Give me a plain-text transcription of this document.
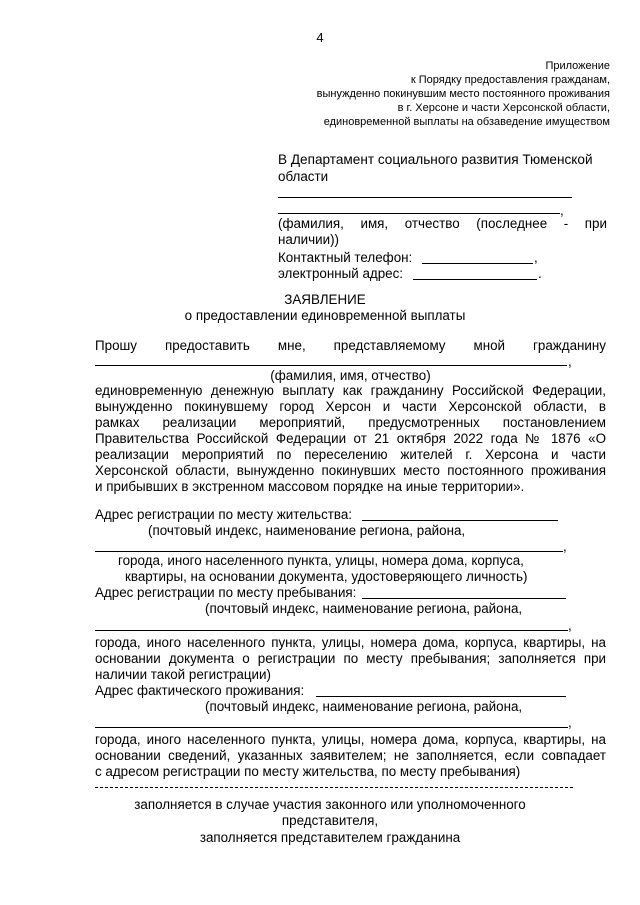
4
Приложение
к Порядку предоставления гражданам,
вынужденно покинувшим место постоянного проживания
в г. Херсоне и части Херсонской области,
единовременной выплаты на обзаведение имуществом
В Департамент социального развития Тюменской
области
,
(фамилия, имя, отчество (последнее - при
наличии))
Контактный телефон:	,
электронный адрес:	.
ЗАЯВЛЕНИЕ
о предоставлении единовременной выплаты
Прошу предоставить мне, представляемому мной гражданину
,
(фамилия, имя, отчество)
единовременную денежную выплату как гражданину Российской Федерации,
вынужденно покинувшему город Херсон и части Херсонской области, в
рамках реализации мероприятий, предусмотренных постановлением
Правительства Российской Федерации от 21 октября 2022 года № 1876 «О
реализации мероприятий по переселению жителей г. Херсона и части
Херсонской области, вынужденно покинувших место постоянного проживания
и прибывших в экстренном массовом порядке на иные территории».
Адрес регистрации по месту жительства:
(почтовый индекс, наименование региона, района,
,
города, иного населенного пункта, улицы, номера дома, корпуса,
квартиры, на основании документа, удостоверяющего личность)
Адрес регистрации по месту пребывания:
(почтовый индекс, наименование региона, района,
,
города, иного населенного пункта, улицы, номера дома, корпуса, квартиры, на
основании документа о регистрации по месту пребывания; заполняется при
наличии такой регистрации)
Адрес фактического проживания:
(почтовый индекс, наименование региона, района,
,
города, иного населенного пункта, улицы, номера дома, корпуса, квартиры, на
основании сведений, указанных заявителем; не заполняется, если совпадает
с адресом регистрации по месту жительства, по месту пребывания)
заполняется в случае участия законного или уполномоченного
представителя,
заполняется представителем гражданина
